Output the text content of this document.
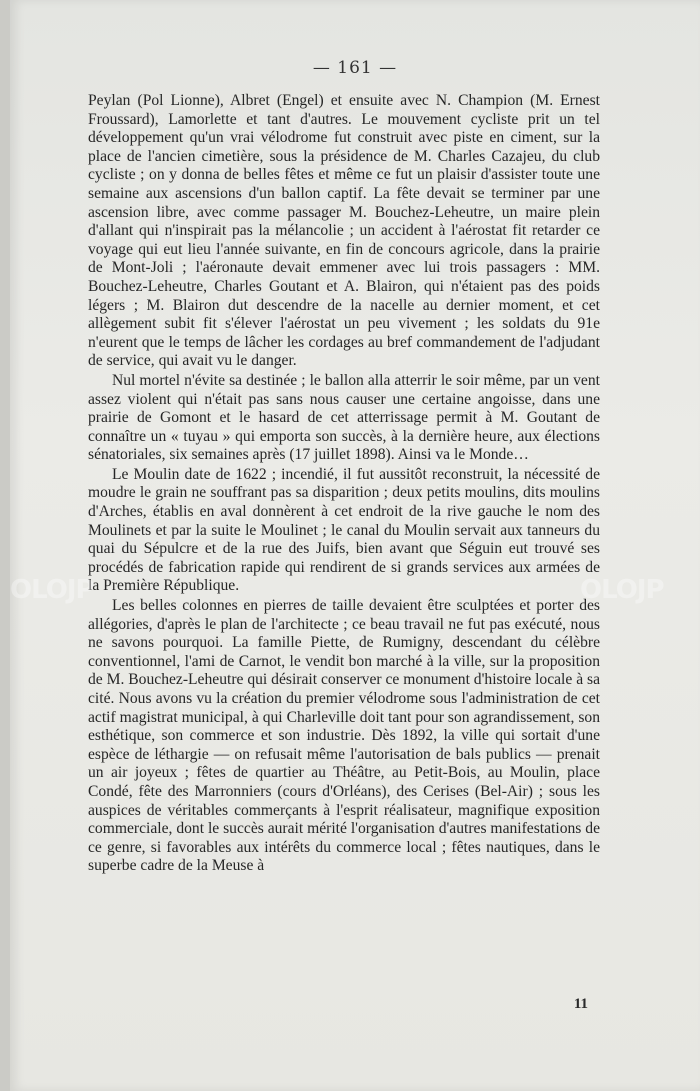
— 161 —

Peylan (Pol Lionne), Albret (Engel) et ensuite avec N. Champion (M. Ernest Froussard), Lamorlette et tant d'autres. Le mouvement cycliste prit un tel développement qu'un vrai vélodrome fut construit avec piste en ciment, sur la place de l'ancien cimetière, sous la présidence de M. Charles Cazajeu, du club cycliste ; on y donna de belles fêtes et même ce fut un plaisir d'assister toute une semaine aux ascensions d'un ballon captif. La fête devait se terminer par une ascension libre, avec comme passager M. Bouchez-Leheutre, un maire plein d'allant qui n'inspirait pas la mélancolie ; un accident à l'aérostat fit retarder ce voyage qui eut lieu l'année suivante, en fin de concours agricole, dans la prairie de Mont-Joli ; l'aéronaute devait emmener avec lui trois passagers : MM. Bouchez-Leheutre, Charles Goutant et A. Blairon, qui n'étaient pas des poids légers ; M. Blairon dut descendre de la nacelle au dernier moment, et cet allègement subit fit s'élever l'aérostat un peu vivement ; les soldats du 91e n'eurent que le temps de lâcher les cordages au bref commandement de l'adjudant de service, qui avait vu le danger.

Nul mortel n'évite sa destinée ; le ballon alla atterrir le soir même, par un vent assez violent qui n'était pas sans nous causer une certaine angoisse, dans une prairie de Gomont et le hasard de cet atterrissage permit à M. Goutant de connaître un « tuyau » qui emporta son succès, à la dernière heure, aux élections sénatoriales, six semaines après (17 juillet 1898). Ainsi va le Monde…

Le Moulin date de 1622 ; incendié, il fut aussitôt reconstruit, la nécessité de moudre le grain ne souffrant pas sa disparition ; deux petits moulins, dits moulins d'Arches, établis en aval donnèrent à cet endroit de la rive gauche le nom des Moulinets et par la suite le Moulinet ; le canal du Moulin servait aux tanneurs du quai du Sépulcre et de la rue des Juifs, bien avant que Séguin eut trouvé ses procédés de fabrication rapide qui rendirent de si grands services aux armées de la Première République.

Les belles colonnes en pierres de taille devaient être sculptées et porter des allégories, d'après le plan de l'architecte ; ce beau travail ne fut pas exécuté, nous ne savons pourquoi. La famille Piette, de Rumigny, descendant du célèbre conventionnel, l'ami de Carnot, le vendit bon marché à la ville, sur la proposition de M. Bouchez-Leheutre qui désirait conserver ce monument d'histoire locale à sa cité. Nous avons vu la création du premier vélodrome sous l'administration de cet actif magistrat municipal, à qui Charleville doit tant pour son agrandissement, son esthétique, son commerce et son industrie. Dès 1892, la ville qui sortait d'une espèce de léthargie — on refusait même l'autorisation de bals publics — prenait un air joyeux ; fêtes de quartier au Théâtre, au Petit-Bois, au Moulin, place Condé, fête des Marronniers (cours d'Orléans), des Cerises (Bel-Air) ; sous les auspices de véritables commerçants à l'esprit réalisateur, magnifique exposition commerciale, dont le succès aurait mérité l'organisation d'autres manifestations de ce genre, si favorables aux intérêts du commerce local ; fêtes nautiques, dans le superbe cadre de la Meuse à

11
OLOJP	OLOJP
